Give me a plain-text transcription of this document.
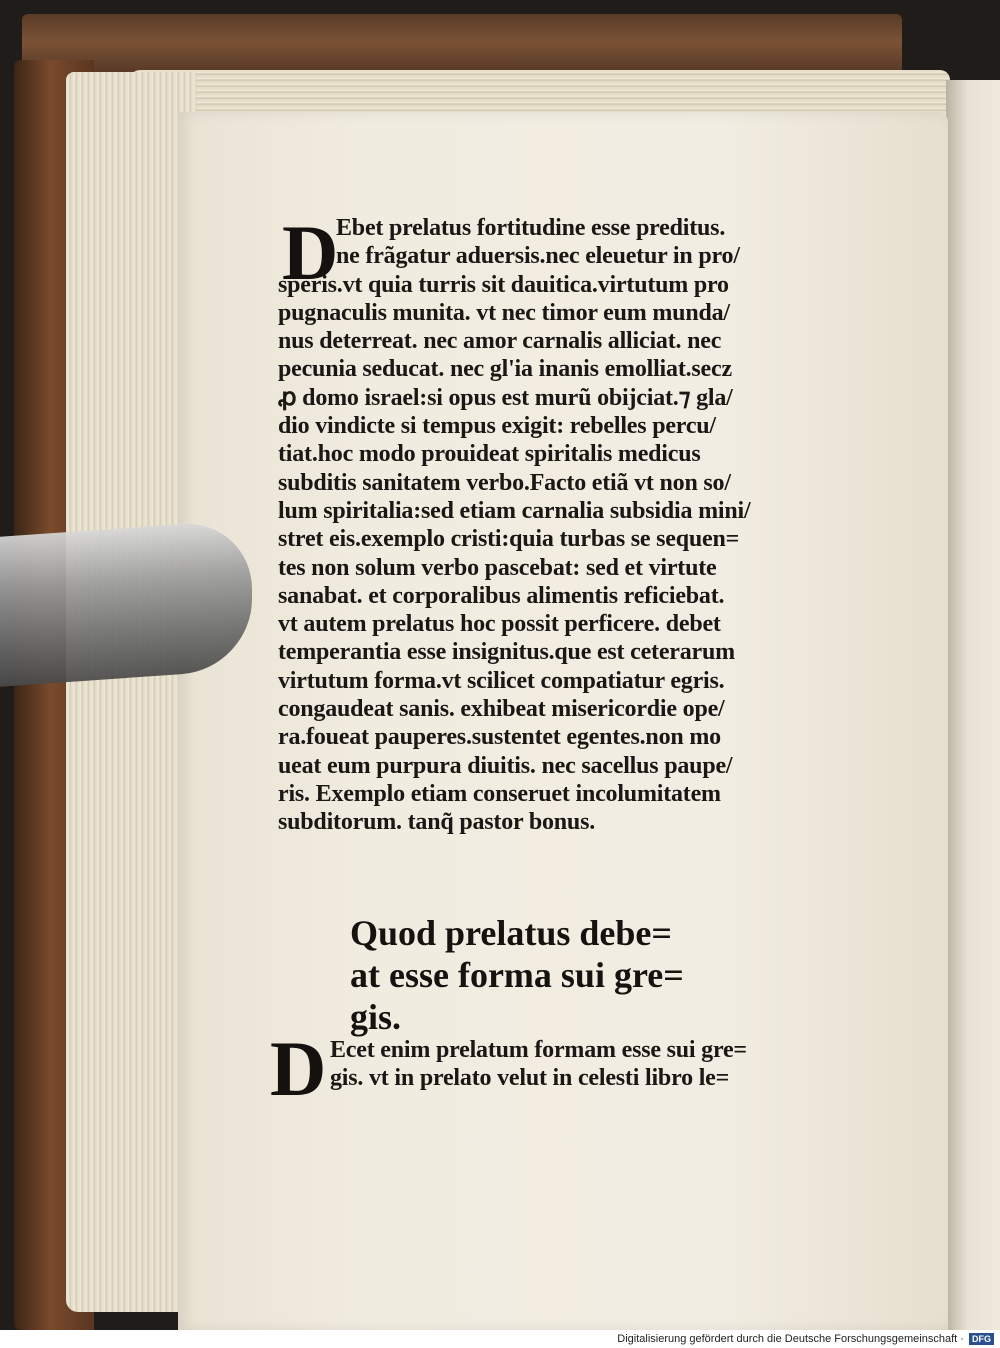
D
Ebet prelatus fortitudine esse preditus.
ne frãgatur aduersis.nec eleuetur in pro/
speris.vt quia turris sit dauitica.virtutum pro
pugnaculis munita. vt nec timor eum munda/
nus deterreat. nec amor carnalis alliciat. nec
pecunia seducat. nec gl'ia inanis emolliat.secz
ꝓ domo israel:si opus est murũ obijciat.⁊ gla/
dio vindicte si tempus exigit: rebelles percu/
tiat.hoc modo prouideat spiritalis medicus
subditis sanitatem verbo.Facto etiã vt non so/
lum spiritalia:sed etiam carnalia subsidia mini/
stret eis.exemplo cristi:quia turbas se sequen=
tes non solum verbo pascebat: sed et virtute
sanabat. et corporalibus alimentis reficiebat.
vt autem prelatus hoc possit perficere. debet
temperantia esse insignitus.que est ceterarum
virtutum forma.vt scilicet compatiatur egris.
congaudeat sanis. exhibeat misericordie ope/
ra.foueat pauperes.sustentet egentes.non mo
ueat eum purpura diuitis. nec sacellus paupe/
ris. Exemplo etiam conseruet incolumitatem
subditorum. tanq̃ pastor bonus.
Quod prelatus debe=
at esse forma sui gre=
gis.
D Ecet enim prelatum formam esse sui gre=
gis. vt in prelato velut in celesti libro le=
Digitalisierung gefördert durch die Deutsche Forschungsgemeinschaft · DFG
